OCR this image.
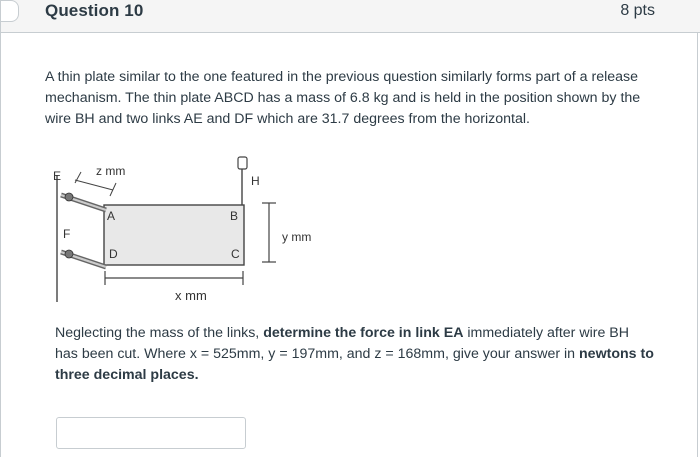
Question 10	8 pts
A thin plate similar to the one featured in the previous question similarly forms part of a release mechanism. The thin plate ABCD has a mass of 6.8 kg and is held in the position shown by the wire BH and two links AE and DF which are 31.7 degrees from the horizontal.
E
F
A	B
C
D
H
z mm
y mm
x mm
Neglecting the mass of the links, determine the force in link EA immediately after wire BH has been cut. Where x = 525mm, y = 197mm, and z = 168mm, give your answer in newtons to three decimal places.
